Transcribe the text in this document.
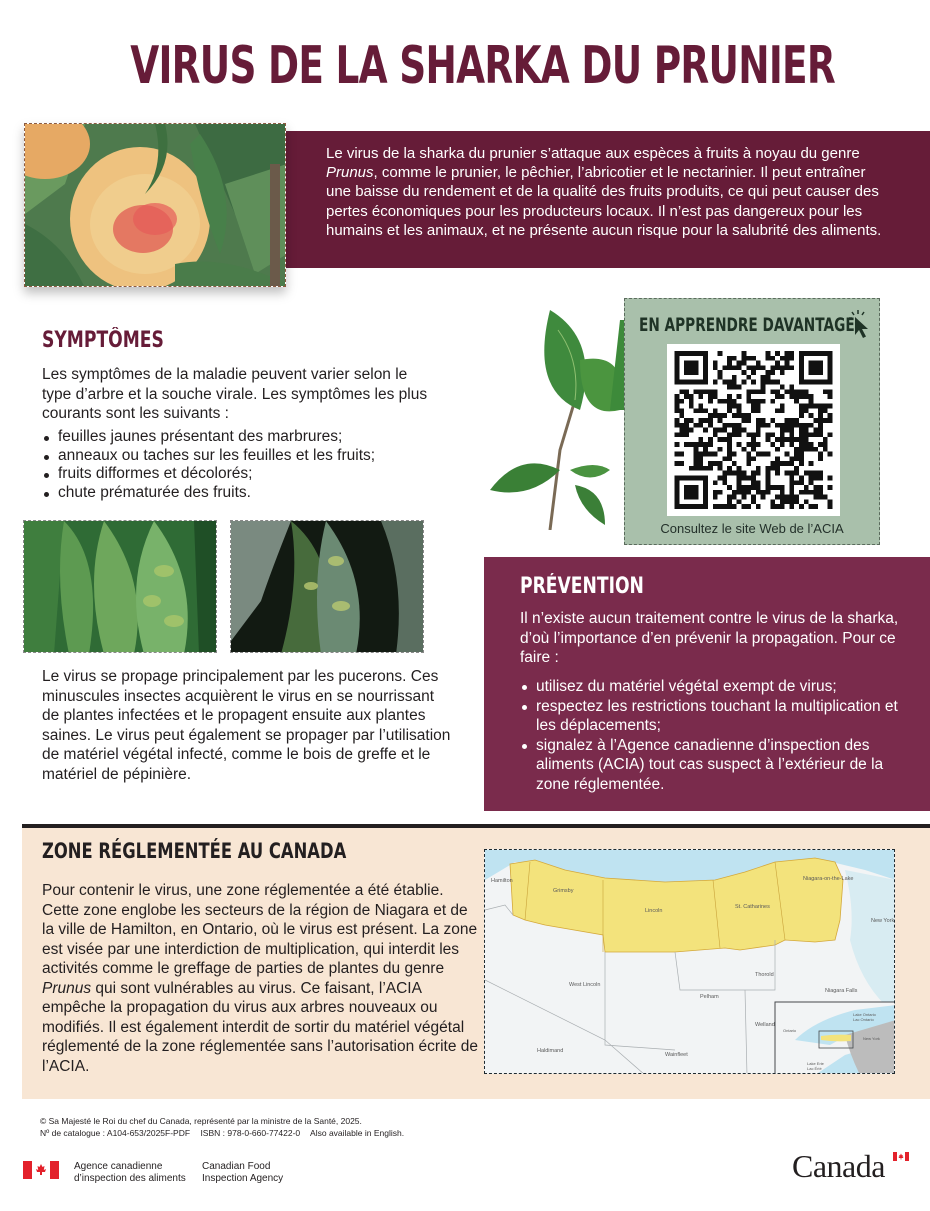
VIRUS DE LA SHARKA DU PRUNIER

Le virus de la sharka du prunier s’attaque aux espèces à fruits à noyau du genre Prunus, comme le prunier, le pêchier, l’abricotier et le nectarinier. Il peut entraîner une baisse du rendement et de la qualité des fruits produits, ce qui peut causer des pertes économiques pour les producteurs locaux. Il n’est pas dangereux pour les humains et les animaux, et ne présente aucun risque pour la salubrité des aliments.

SYMPTÔMES

Les symptômes de la maladie peuvent varier selon le type d’arbre et la souche virale. Les symptômes les plus courants sont les suivants :

feuilles jaunes présentant des marbrures;
anneaux ou taches sur les feuilles et les fruits;
fruits difformes et décolorés;
chute prématurée des fruits.

Le virus se propage principalement par les pucerons. Ces minuscules insectes acquièrent le virus en se nourrissant de plantes infectées et le propagent ensuite aux plantes saines. Le virus peut également se propager par l’utilisation de matériel végétal infecté, comme le bois de greffe et le matériel de pépinière.

EN APPRENDRE DAVANTAGE
Consultez le site Web de l’ACIA
PRÉVENTION

Il n’existe aucun traitement contre le virus de la sharka, d’où l’importance d’en prévenir la propagation. Pour ce faire :

utilisez du matériel végétal exempt de virus;
respectez les restrictions touchant la multiplication et les déplacements;
signalez à l’Agence canadienne d’inspection des aliments (ACIA) tout cas suspect à l’extérieur de la zone réglementée.
ZONE RÉGLEMENTÉE AU CANADA

Pour contenir le virus, une zone réglementée a été établie. Cette zone englobe les secteurs de la région de Niagara et de la ville de Hamilton, en Ontario, où le virus est présent. La zone est visée par une interdiction de multiplication, qui interdit les activités comme le greffage de parties de plantes du genre Prunus qui sont vulnérables au virus. Ce faisant, l’ACIA empêche la propagation du virus aux arbres nouveaux ou modifiés. Il est également interdit de sortir du matériel végétal réglementé de la zone réglementée sans l’autorisation écrite de l’ACIA.

Hamilton
Grimsby
Lincoln
St. Catharines
Niagara-on-the-Lake
New York
West Lincoln
Thorold
Pelham
Niagara Falls
Welland
Haldimand
Wainfleet
Ontario
Lake Ontario
Lac Ontario
New York
Lake Erie
Lac Érié
© Sa Majesté le Roi du chef du Canada, représenté par la ministre de la Santé, 2025.
Nº de catalogue : A104-653/2025F-PDF ISBN : 978-0-660-77422-0 Also available in English.
Agence canadienne
d’inspection des aliments
Canadian Food
Inspection Agency	Canada
